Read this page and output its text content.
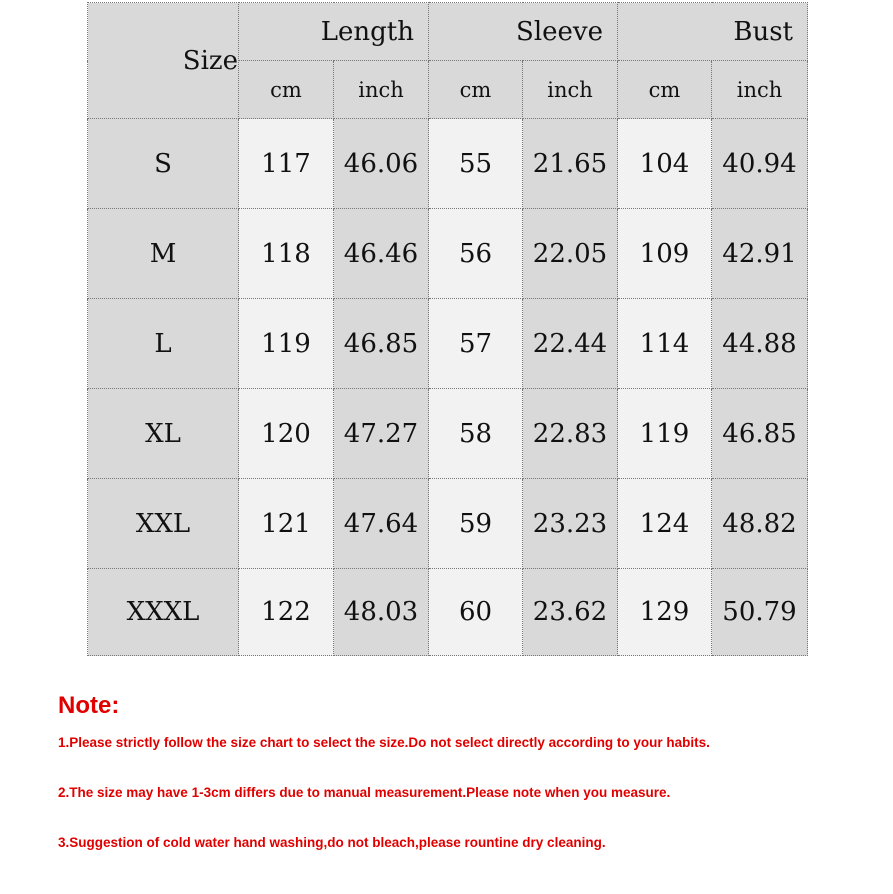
Size	Length		Sleeve		Bust	
	cm	inch	cm	inch	cm	inch
S	117	46.06	55	21.65	104	40.94
M	118	46.46	56	22.05	109	42.91
L	119	46.85	57	22.44	114	44.88
XL	120	47.27	58	22.83	119	46.85
XXL	121	47.64	59	23.23	124	48.82
XXXL	122	48.03	60	23.62	129	50.79
Note:
1.Please strictly follow the size chart to select the size.Do not select directly according to your habits.
2.The size may have 1-3cm differs due to manual measurement.Please note when you measure.
3.Suggestion of cold water hand washing,do not bleach,please rountine dry cleaning.
